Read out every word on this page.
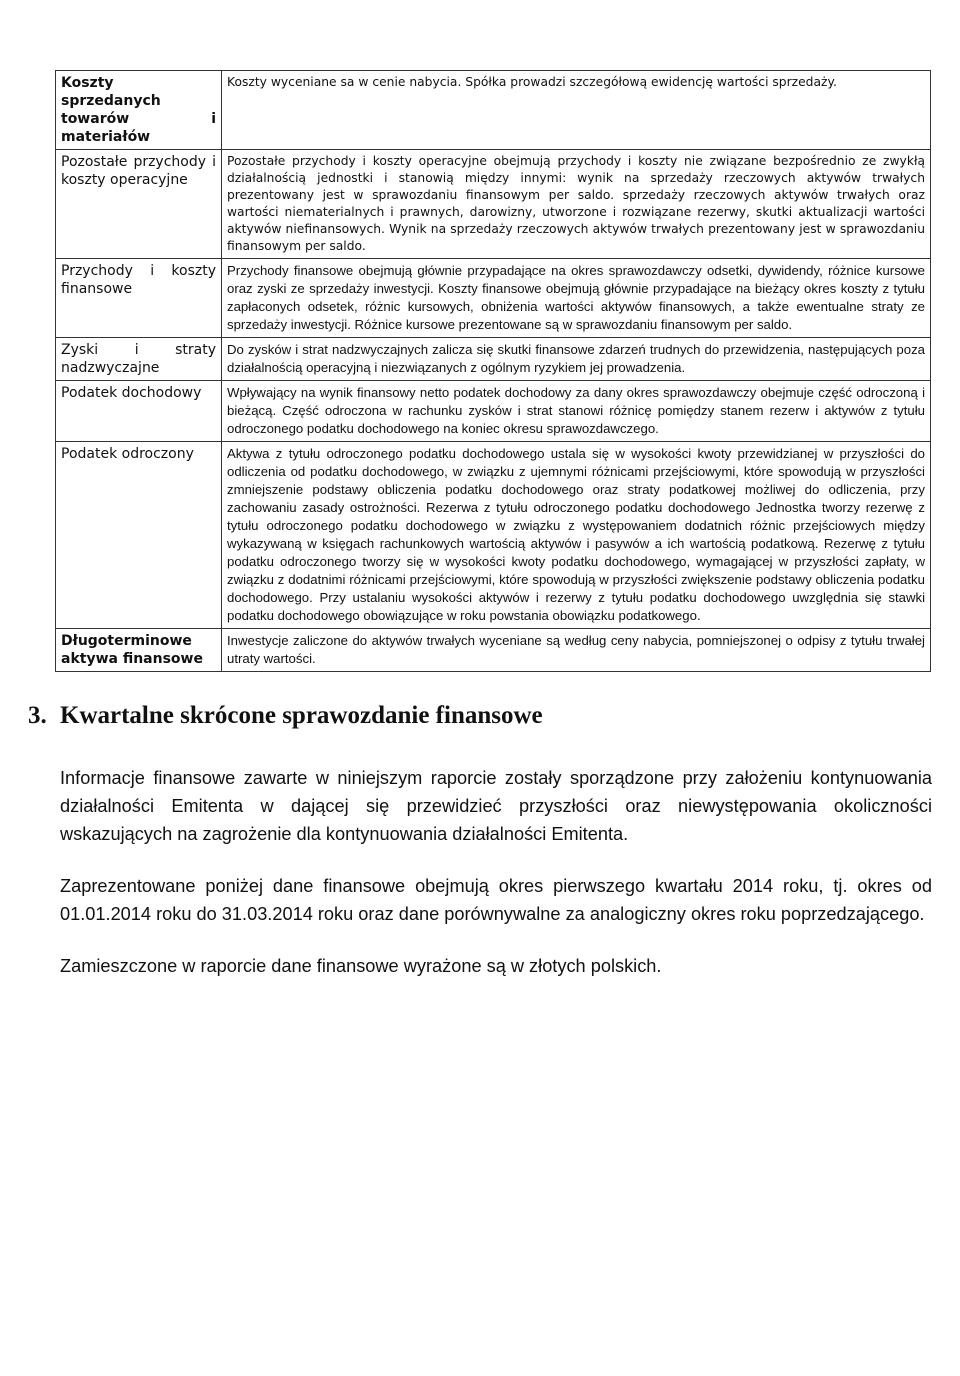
Koszty sprzedanych towarów i materiałów	Koszty wyceniane sa w cenie nabycia. Spółka prowadzi szczegółową ewidencję wartości sprzedaży.
Pozostałe przychody i koszty operacyjne	Pozostałe przychody i koszty operacyjne obejmują przychody i koszty nie związane bezpośrednio ze zwykłą działalnością jednostki i stanowią między innymi: wynik na sprzedaży rzeczowych aktywów trwałych prezentowany jest w sprawozdaniu finansowym per saldo. sprzedaży rzeczowych aktywów trwałych oraz wartości niematerialnych i prawnych, darowizny, utworzone i rozwiązane rezerwy, skutki aktualizacji wartości aktywów niefinansowych. Wynik na sprzedaży rzeczowych aktywów trwałych prezentowany jest w sprawozdaniu finansowym per saldo.
Przychody i koszty finansowe	Przychody finansowe obejmują głównie przypadające na okres sprawozdawczy odsetki, dywidendy, różnice kursowe oraz zyski ze sprzedaży inwestycji. Koszty finansowe obejmują głównie przypadające na bieżący okres koszty z tytułu zapłaconych odsetek, różnic kursowych, obniżenia wartości aktywów finansowych, a także ewentualne straty ze sprzedaży inwestycji. Różnice kursowe prezentowane są w sprawozdaniu finansowym per saldo.
Zyski i straty nadzwyczajne	Do zysków i strat nadzwyczajnych zalicza się skutki finansowe zdarzeń trudnych do przewidzenia, następujących poza działalnością operacyjną i niezwiązanych z ogólnym ryzykiem jej prowadzenia.
Podatek dochodowy	Wpływający na wynik finansowy netto podatek dochodowy za dany okres sprawozdawczy obejmuje część odroczoną i bieżącą. Część odroczona w rachunku zysków i strat stanowi różnicę pomiędzy stanem rezerw i aktywów z tytułu odroczonego podatku dochodowego na koniec okresu sprawozdawczego.
Podatek odroczony	Aktywa z tytułu odroczonego podatku dochodowego ustala się w wysokości kwoty przewidzianej w przyszłości do odliczenia od podatku dochodowego, w związku z ujemnymi różnicami przejściowymi, które spowodują w przyszłości zmniejszenie podstawy obliczenia podatku dochodowego oraz straty podatkowej możliwej do odliczenia, przy zachowaniu zasady ostrożności. Rezerwa z tytułu odroczonego podatku dochodowego Jednostka tworzy rezerwę z tytułu odroczonego podatku dochodowego w związku z występowaniem dodatnich różnic przejściowych między wykazywaną w księgach rachunkowych wartością aktywów i pasywów a ich wartością podatkową. Rezerwę z tytułu podatku odroczonego tworzy się w wysokości kwoty podatku dochodowego, wymagającej w przyszłości zapłaty, w związku z dodatnimi różnicami przejściowymi, które spowodują w przyszłości zwiększenie podstawy obliczenia podatku dochodowego. Przy ustalaniu wysokości aktywów i rezerwy z tytułu podatku dochodowego uwzględnia się stawki podatku dochodowego obowiązujące w roku powstania obowiązku podatkowego.
Długoterminowe aktywa finansowe	Inwestycje zaliczone do aktywów trwałych wyceniane są według ceny nabycia, pomniejszonej o odpisy z tytułu trwałej utraty wartości.
3. Kwartalne skrócone sprawozdanie finansowe

Informacje finansowe zawarte w niniejszym raporcie zostały sporządzone przy założeniu kontynuowania działalności Emitenta w dającej się przewidzieć przyszłości oraz niewystępowania okoliczności wskazujących na zagrożenie dla kontynuowania działalności Emitenta.

Zaprezentowane poniżej dane finansowe obejmują okres pierwszego kwartału 2014 roku, tj. okres od 01.01.2014 roku do 31.03.2014 roku oraz dane porównywalne za analogiczny okres roku poprzedzającego.

Zamieszczone w raporcie dane finansowe wyrażone są w złotych polskich.
